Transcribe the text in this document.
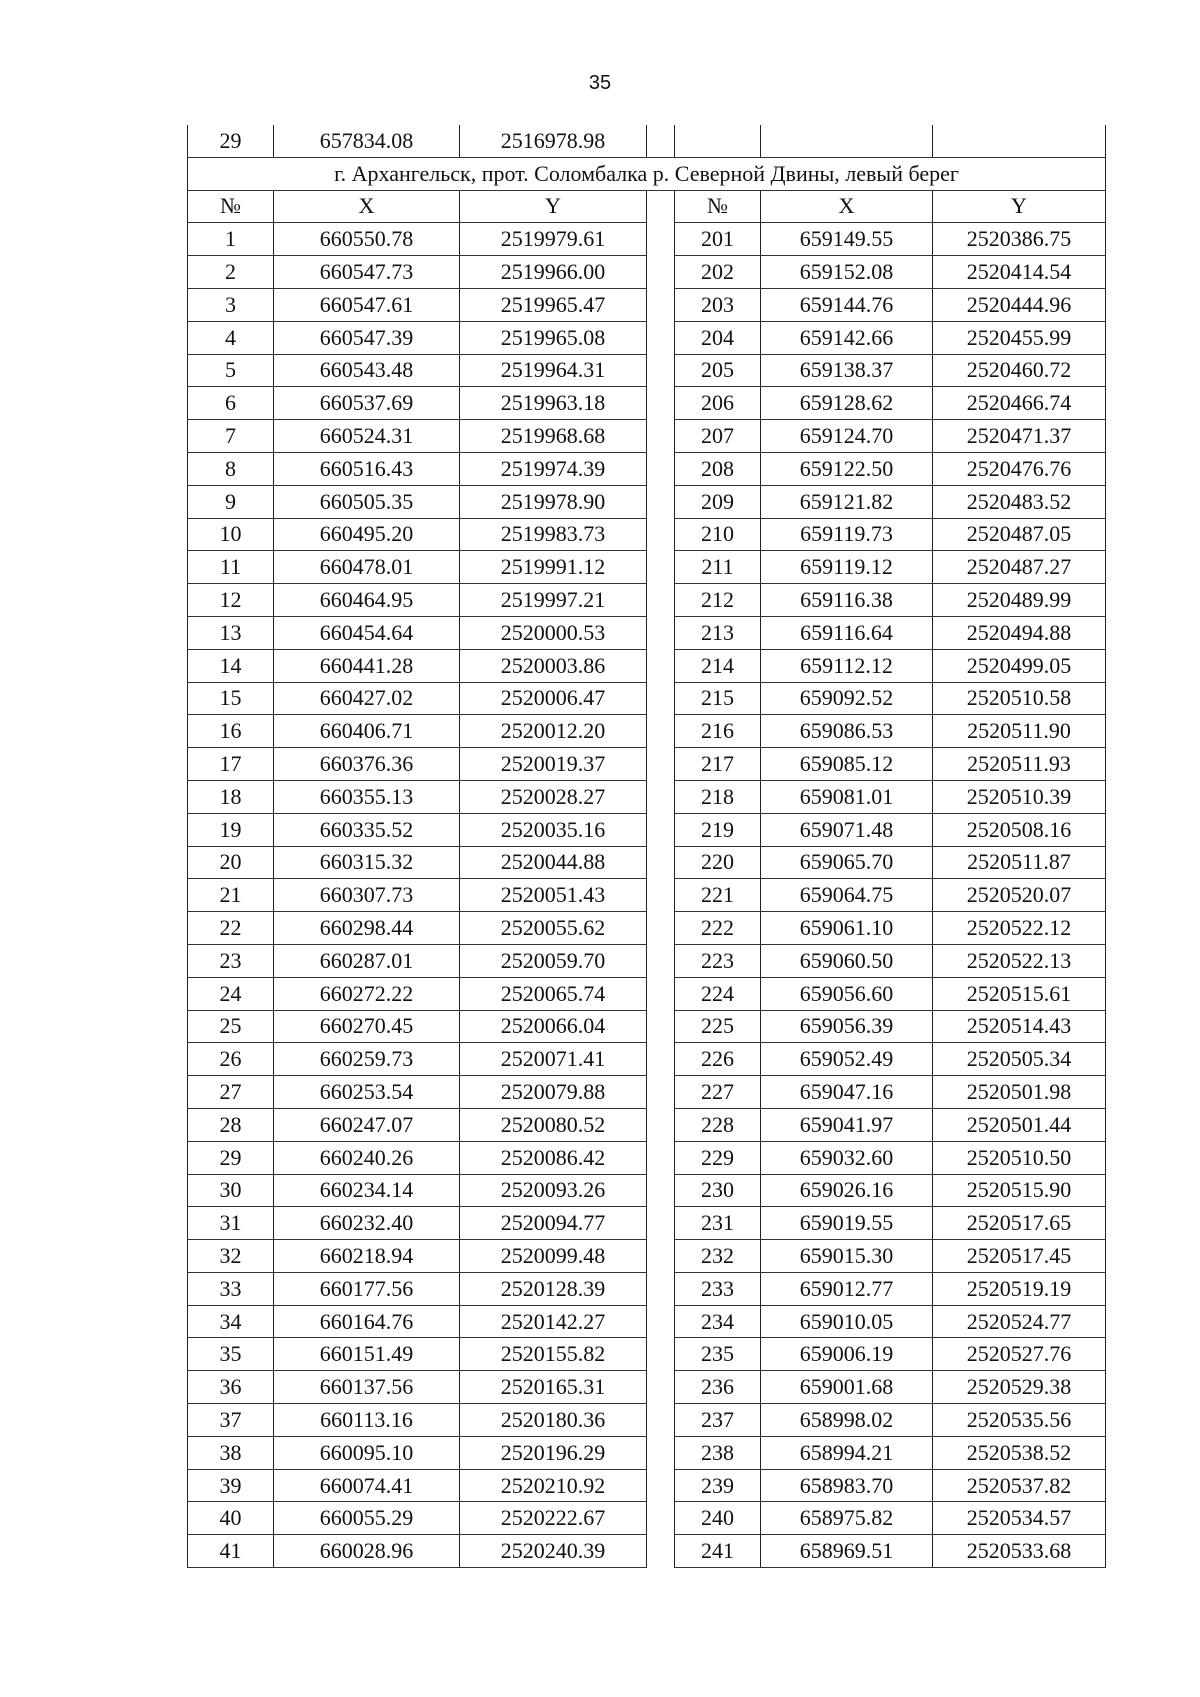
35
29	657834.08	2516978.98				
г. Архангельск, прот. Соломбалка р. Северной Двины, левый берег						
№	X	Y		№	X	Y
1	660550.78	2519979.61		201	659149.55	2520386.75
2	660547.73	2519966.00		202	659152.08	2520414.54
3	660547.61	2519965.47		203	659144.76	2520444.96
4	660547.39	2519965.08		204	659142.66	2520455.99
5	660543.48	2519964.31		205	659138.37	2520460.72
6	660537.69	2519963.18		206	659128.62	2520466.74
7	660524.31	2519968.68		207	659124.70	2520471.37
8	660516.43	2519974.39		208	659122.50	2520476.76
9	660505.35	2519978.90		209	659121.82	2520483.52
10	660495.20	2519983.73		210	659119.73	2520487.05
11	660478.01	2519991.12		211	659119.12	2520487.27
12	660464.95	2519997.21		212	659116.38	2520489.99
13	660454.64	2520000.53		213	659116.64	2520494.88
14	660441.28	2520003.86		214	659112.12	2520499.05
15	660427.02	2520006.47		215	659092.52	2520510.58
16	660406.71	2520012.20		216	659086.53	2520511.90
17	660376.36	2520019.37		217	659085.12	2520511.93
18	660355.13	2520028.27		218	659081.01	2520510.39
19	660335.52	2520035.16		219	659071.48	2520508.16
20	660315.32	2520044.88		220	659065.70	2520511.87
21	660307.73	2520051.43		221	659064.75	2520520.07
22	660298.44	2520055.62		222	659061.10	2520522.12
23	660287.01	2520059.70		223	659060.50	2520522.13
24	660272.22	2520065.74		224	659056.60	2520515.61
25	660270.45	2520066.04		225	659056.39	2520514.43
26	660259.73	2520071.41		226	659052.49	2520505.34
27	660253.54	2520079.88		227	659047.16	2520501.98
28	660247.07	2520080.52		228	659041.97	2520501.44
29	660240.26	2520086.42		229	659032.60	2520510.50
30	660234.14	2520093.26		230	659026.16	2520515.90
31	660232.40	2520094.77		231	659019.55	2520517.65
32	660218.94	2520099.48		232	659015.30	2520517.45
33	660177.56	2520128.39		233	659012.77	2520519.19
34	660164.76	2520142.27		234	659010.05	2520524.77
35	660151.49	2520155.82		235	659006.19	2520527.76
36	660137.56	2520165.31		236	659001.68	2520529.38
37	660113.16	2520180.36		237	658998.02	2520535.56
38	660095.10	2520196.29		238	658994.21	2520538.52
39	660074.41	2520210.92		239	658983.70	2520537.82
40	660055.29	2520222.67		240	658975.82	2520534.57
41	660028.96	2520240.39		241	658969.51	2520533.68
